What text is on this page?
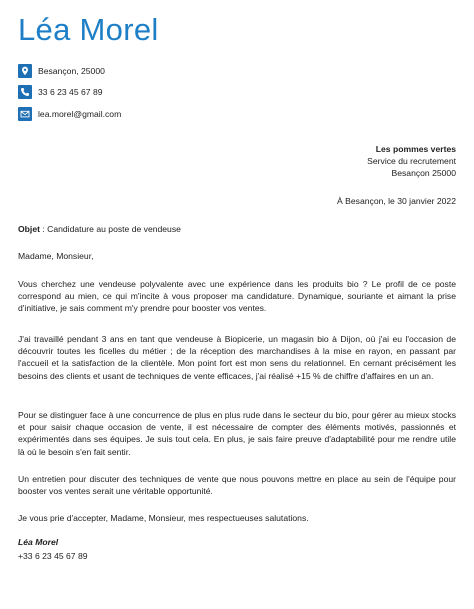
Léa Morel
Besançon, 25000
33 6 23 45 67 89
lea.morel@gmail.com
Les pommes vertes
Service du recrutement
Besançon 25000
À Besançon, le 30 janvier 2022
Objet : Candidature au poste de vendeuse
Madame, Monsieur,

Vous cherchez une vendeuse polyvalente avec une expérience dans les produits bio ? Le profil de ce poste correspond au mien, ce qui m'incite à vous proposer ma candidature. Dynamique, souriante et aimant la prise d'initiative, je sais comment m'y prendre pour booster vos ventes.

J'ai travaillé pendant 3 ans en tant que vendeuse à Biopicerie, un magasin bio à Dijon, où j'ai eu l'occasion de découvrir toutes les ficelles du métier ; de la réception des marchandises à la mise en rayon, en passant par l'accueil et la satisfaction de la clientèle. Mon point fort est mon sens du relationnel. En cernant précisément les besoins des clients et usant de techniques de vente efficaces, j'ai réalisé +15 % de chiffre d'affaires en un an.

Pour se distinguer face à une concurrence de plus en plus rude dans le secteur du bio, pour gérer au mieux stocks et pour saisir chaque occasion de vente, il est nécessaire de compter des éléments motivés, passionnés et expérimentés dans ses équipes. Je suis tout cela. En plus, je sais faire preuve d'adaptabilité pour me rendre utile là où le besoin s'en fait sentir.

Un entretien pour discuter des techniques de vente que nous pouvons mettre en place au sein de l'équipe pour booster vos ventes serait une véritable opportunité.

Je vous prie d'accepter, Madame, Monsieur, mes respectueuses salutations.
Léa Morel
+33 6 23 45 67 89
